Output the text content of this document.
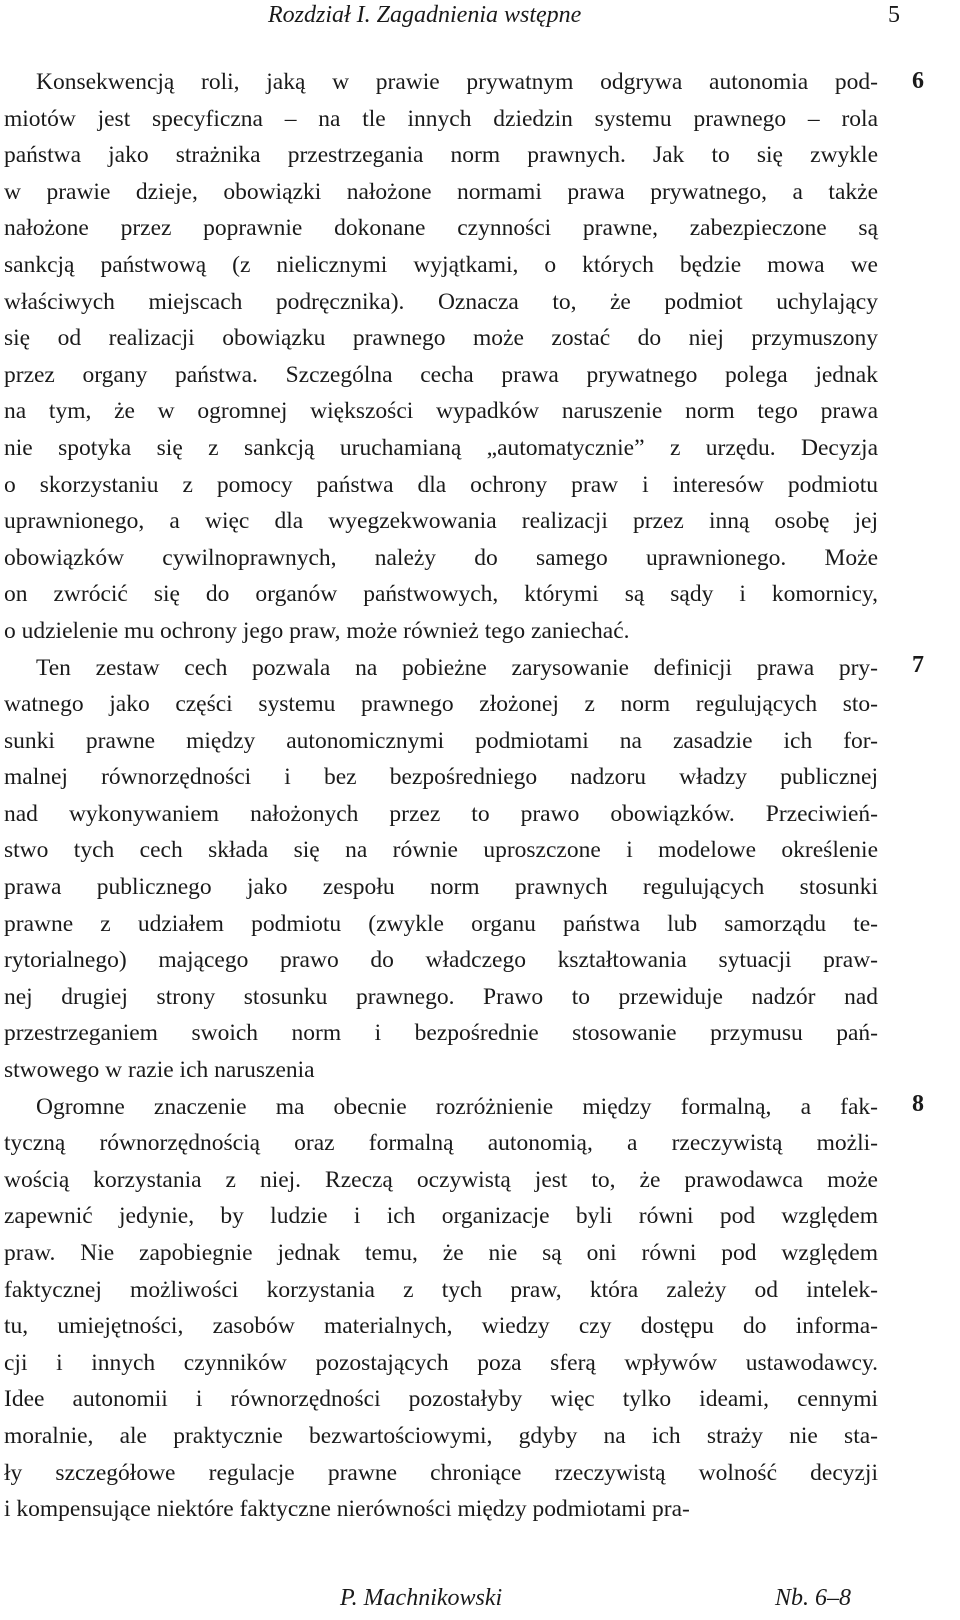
Rozdział I. Zagadnienia wstępne	5
Konsekwencją roli, jaką w prawie prywatnym odgrywa autonomia pod-
miotów jest specyficzna – na tle innych dziedzin systemu prawnego – rola
państwa jako strażnika przestrzegania norm prawnych. Jak to się zwykle
w prawie dzieje, obowiązki nałożone normami prawa prywatnego, a także
nałożone przez poprawnie dokonane czynności prawne, zabezpieczone są
sankcją państwową (z nielicznymi wyjątkami, o których będzie mowa we
właściwych miejscach podręcznika). Oznacza to, że podmiot uchylający
się od realizacji obowiązku prawnego może zostać do niej przymuszony
przez organy państwa. Szczególna cecha prawa prywatnego polega jednak
na tym, że w ogromnej większości wypadków naruszenie norm tego prawa
nie spotyka się z sankcją uruchamianą „automatycznie” z urzędu. Decyzja
o skorzystaniu z pomocy państwa dla ochrony praw i interesów podmiotu
uprawnionego, a więc dla wyegzekwowania realizacji przez inną osobę jej
obowiązków cywilnoprawnych, należy do samego uprawnionego. Może
on zwrócić się do organów państwowych, którymi są sądy i komornicy,
o udzielenie mu ochrony jego praw, może również tego zaniechać.
Ten zestaw cech pozwala na pobieżne zarysowanie definicji prawa pry-
watnego jako części systemu prawnego złożonej z norm regulujących sto-
sunki prawne między autonomicznymi podmiotami na zasadzie ich for-
malnej równorzędności i bez bezpośredniego nadzoru władzy publicznej
nad wykonywaniem nałożonych przez to prawo obowiązków. Przeciwień-
stwo tych cech składa się na równie uproszczone i modelowe określenie
prawa publicznego jako zespołu norm prawnych regulujących stosunki
prawne z udziałem podmiotu (zwykle organu państwa lub samorządu te-
rytorialnego) mającego prawo do władczego kształtowania sytuacji praw-
nej drugiej strony stosunku prawnego. Prawo to przewiduje nadzór nad
przestrzeganiem swoich norm i bezpośrednie stosowanie przymusu pań-
stwowego w razie ich naruszenia
Ogromne znaczenie ma obecnie rozróżnienie między formalną, a fak-
tyczną równorzędnością oraz formalną autonomią, a rzeczywistą możli-
wością korzystania z niej. Rzeczą oczywistą jest to, że prawodawca może
zapewnić jedynie, by ludzie i ich organizacje byli równi pod względem
praw. Nie zapobiegnie jednak temu, że nie są oni równi pod względem
faktycznej możliwości korzystania z tych praw, która zależy od intelek-
tu, umiejętności, zasobów materialnych, wiedzy czy dostępu do informa-
cji i innych czynników pozostających poza sferą wpływów ustawodawcy.
Idee autonomii i równorzędności pozostałyby więc tylko ideami, cennymi
moralnie, ale praktycznie bezwartościowymi, gdyby na ich straży nie sta-
ły szczegółowe regulacje prawne chroniące rzeczywistą wolność decyzji
i kompensujące niektóre faktyczne nierówności między podmiotami pra-
6
7
8
P. Machnikowski	Nb. 6–8
